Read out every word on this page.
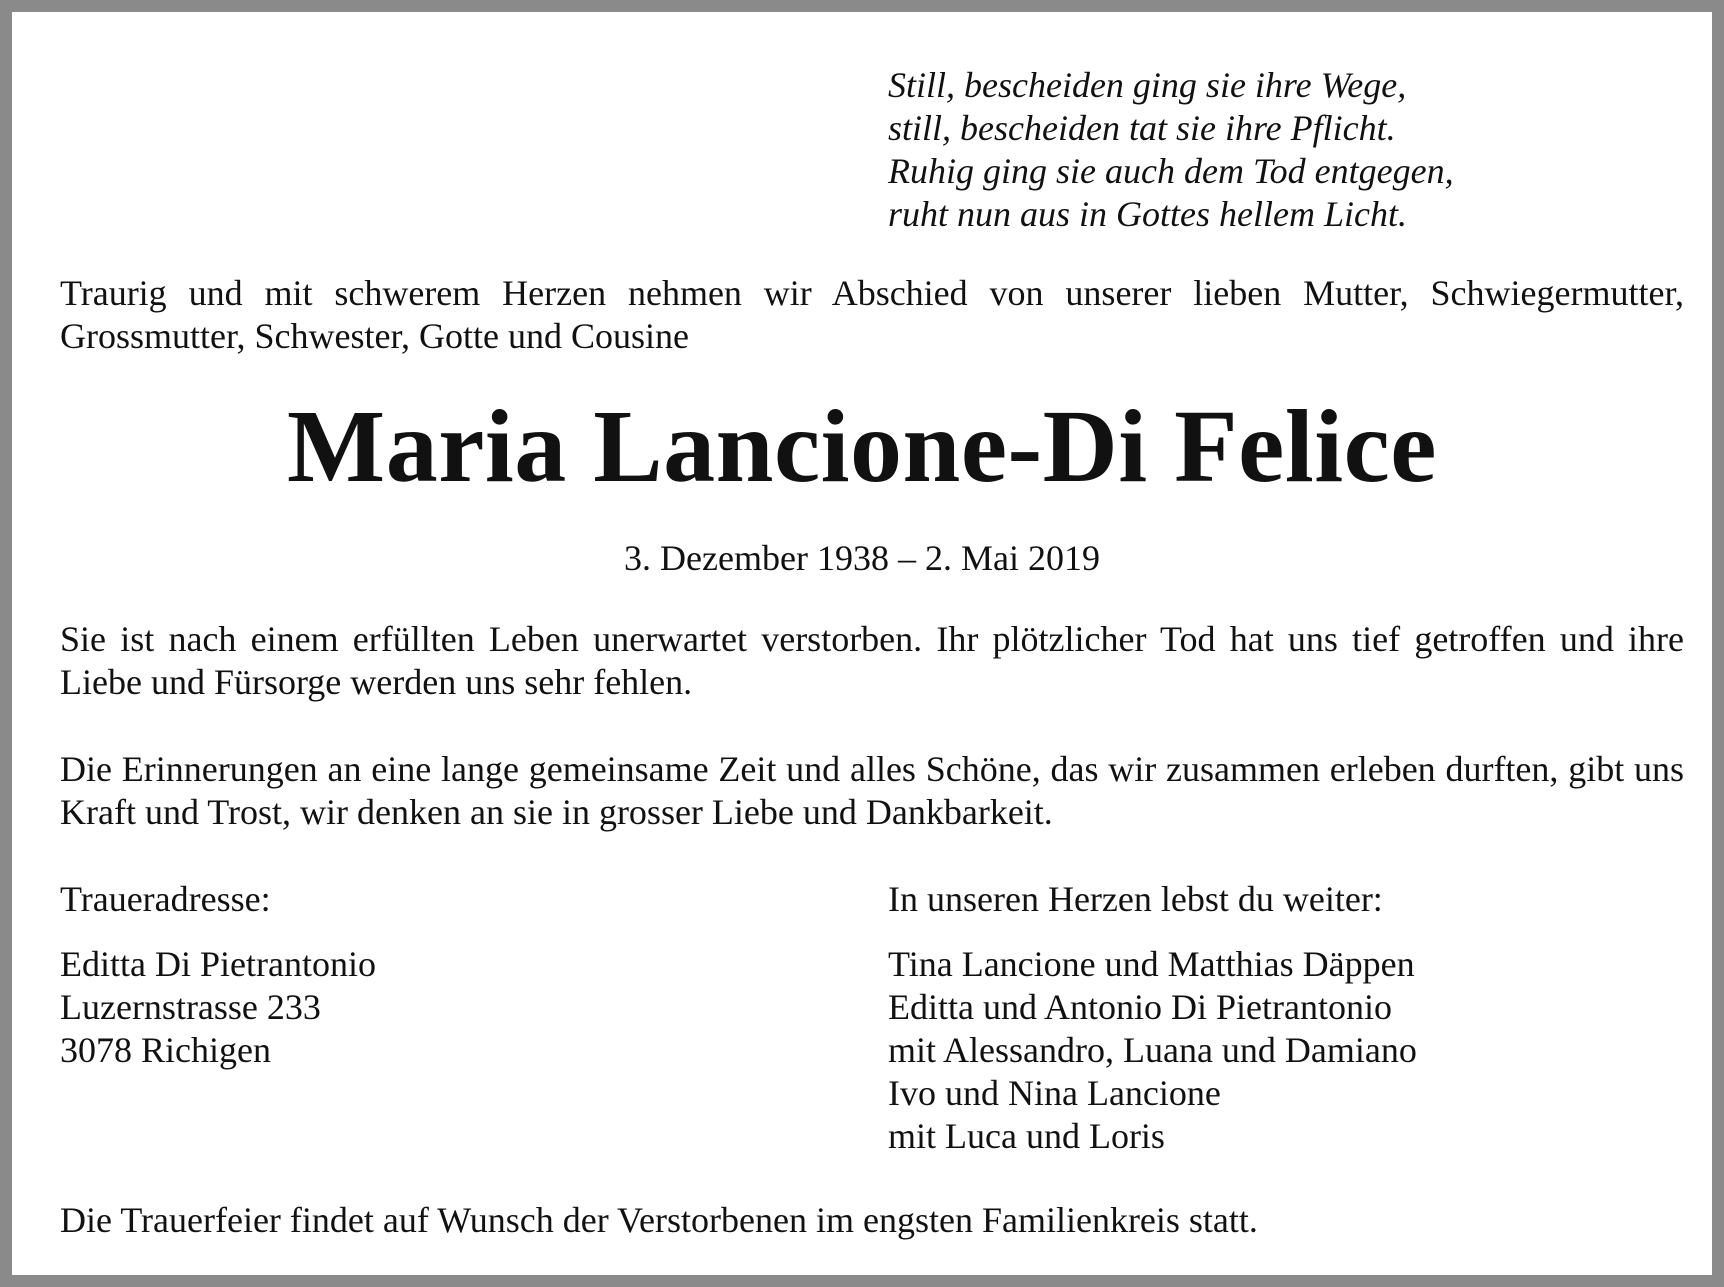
Still, bescheiden ging sie ihre Wege,
still, bescheiden tat sie ihre Pflicht.
Ruhig ging sie auch dem Tod entgegen,
ruht nun aus in Gottes hellem Licht.
Traurig und mit schwerem Herzen nehmen wir Abschied von unserer lieben Mutter, Schwiegermutter, Grossmutter, Schwester, Gotte und Cousine
Maria Lancione-Di Felice
3. Dezember 1938 – 2. Mai 2019
Sie ist nach einem erfüllten Leben unerwartet verstorben. Ihr plötzlicher Tod hat uns tief getroffen und ihre Liebe und Fürsorge werden uns sehr fehlen.
Die Erinnerungen an eine lange gemeinsame Zeit und alles Schöne, das wir zusammen erleben durften, gibt uns Kraft und Trost, wir denken an sie in grosser Liebe und Dankbarkeit.
Traueradresse:
Editta Di Pietrantonio
Luzernstrasse 233
3078 Richigen
In unseren Herzen lebst du weiter:
Tina Lancione und Matthias Däppen
Editta und Antonio Di Pietrantonio
mit Alessandro, Luana und Damiano
Ivo und Nina Lancione
mit Luca und Loris
Die Trauerfeier findet auf Wunsch der Verstorbenen im engsten Familienkreis statt.
